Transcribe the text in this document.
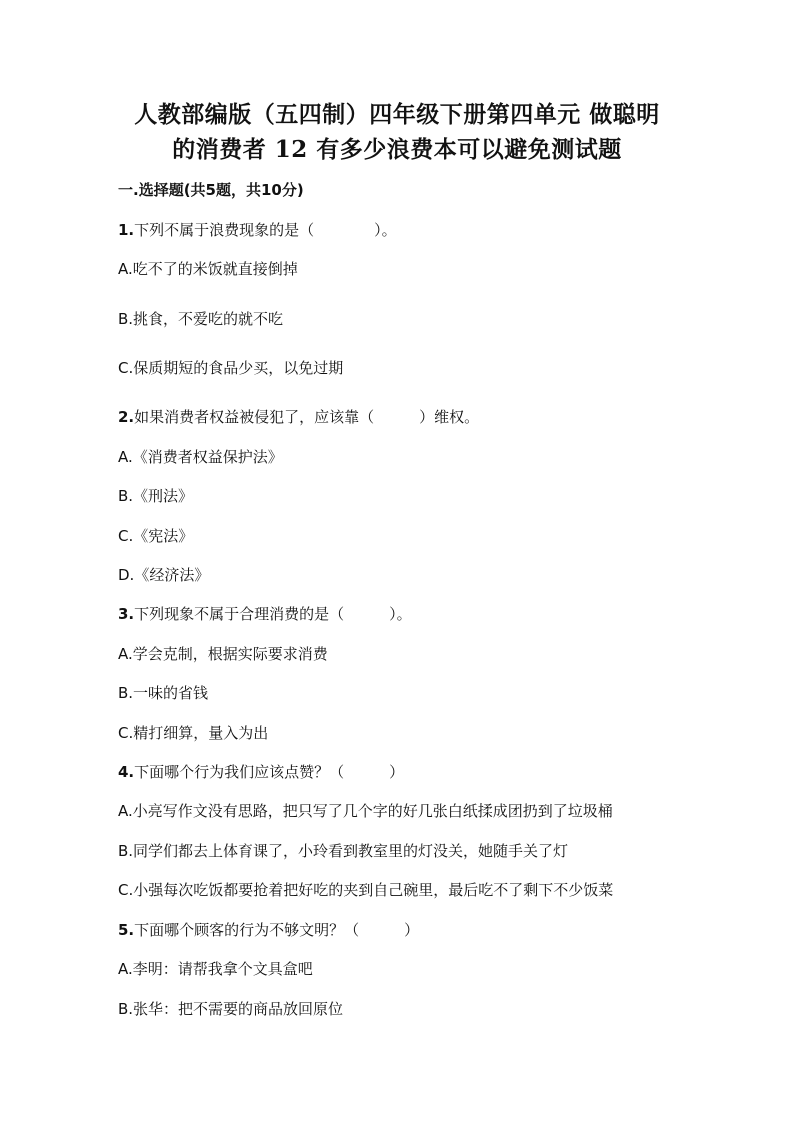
人教部编版（五四制）四年级下册第四单元 做聪明
的消费者 12 有多少浪费本可以避免测试题
一.选择题(共5题，共10分)
1.下列不属于浪费现象的是（　　　　）。
A.吃不了的米饭就直接倒掉
B.挑食，不爱吃的就不吃
C.保质期短的食品少买，以免过期
2.如果消费者权益被侵犯了，应该靠（　　　）维权。
A.《消费者权益保护法》
B.《刑法》
C.《宪法》
D.《经济法》
3.下列现象不属于合理消费的是（　　　）。
A.学会克制，根据实际要求消费
B.一味的省钱
C.精打细算，量入为出
4.下面哪个行为我们应该点赞？（　　　）
A.小亮写作文没有思路，把只写了几个字的好几张白纸揉成团扔到了垃圾桶
B.同学们都去上体育课了，小玲看到教室里的灯没关，她随手关了灯
C.小强每次吃饭都要抢着把好吃的夹到自己碗里，最后吃不了剩下不少饭菜
5.下面哪个顾客的行为不够文明？（　　　）
A.李明：请帮我拿个文具盒吧
B.张华：把不需要的商品放回原位
